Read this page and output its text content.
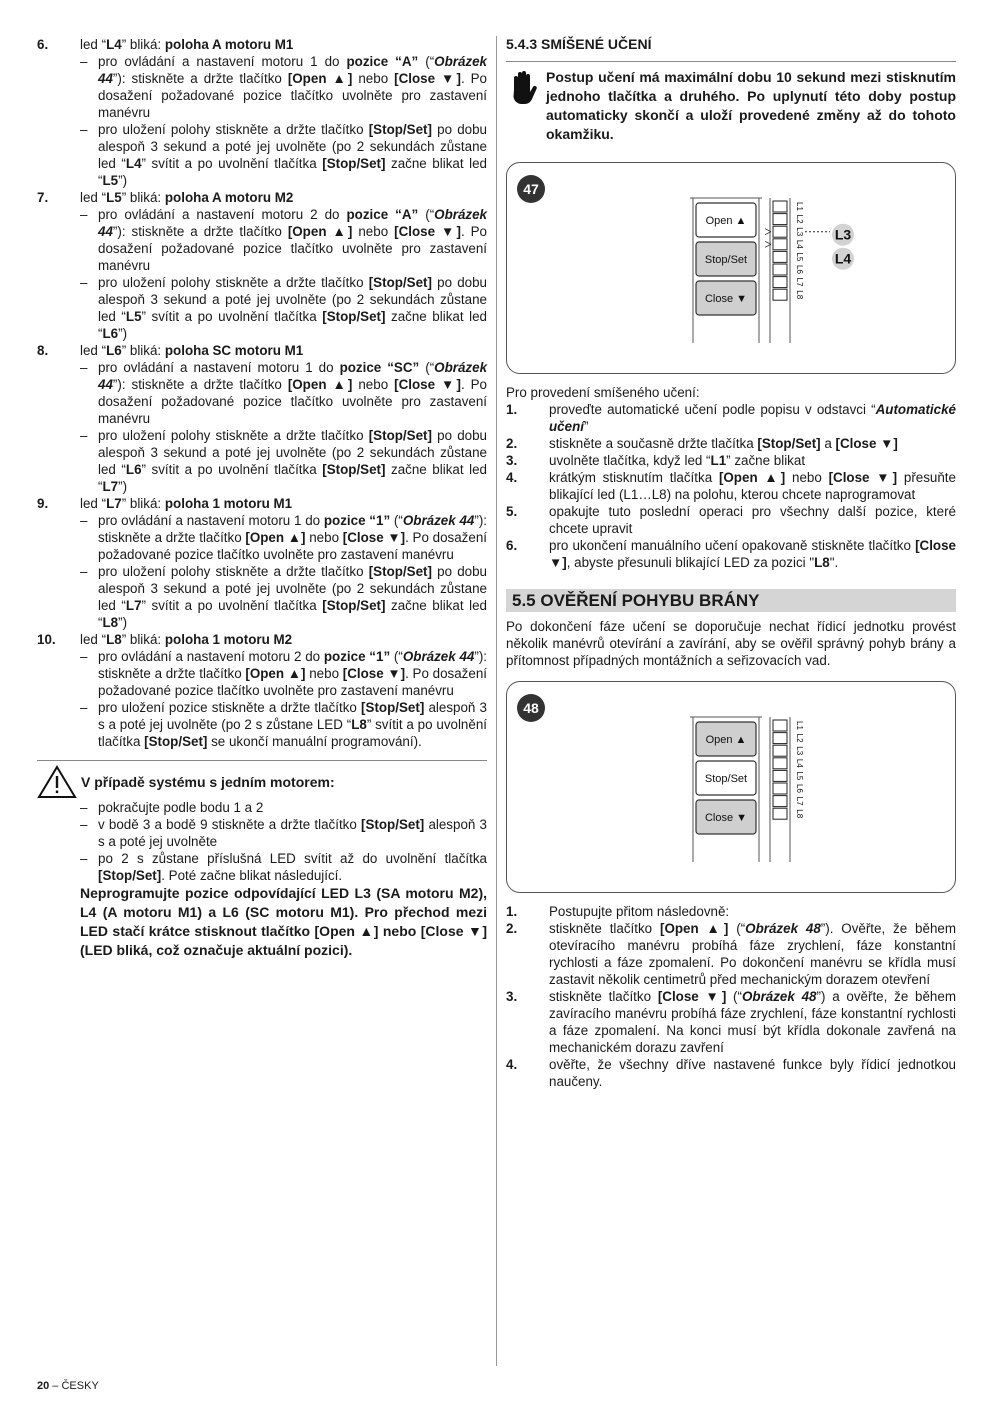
6.	led “L4” bliká: poloha A motoru M1
– pro ovládání a nastavení motoru 1 do pozice “A” (“Obrázek 44”): stiskněte a držte tlačítko [Open ▲] nebo [Close ▼]. Po dosažení požadované pozice tlačítko uvolněte pro zastavení manévru
– pro uložení polohy stiskněte a držte tlačítko [Stop/Set] po dobu alespoň 3 sekund a poté jej uvolněte (po 2 sekundách zůstane led “L4” svítit a po uvolnění tlačítka [Stop/Set] začne blikat led “L5”)
7.	led “L5” bliká: poloha A motoru M2
– pro ovládání a nastavení motoru 2 do pozice “A” (“Obrázek 44”): stiskněte a držte tlačítko [Open ▲] nebo [Close ▼]. Po dosažení požadované pozice tlačítko uvolněte pro zastavení manévru
– pro uložení polohy stiskněte a držte tlačítko [Stop/Set] po dobu alespoň 3 sekund a poté jej uvolněte (po 2 sekundách zůstane led “L5” svítit a po uvolnění tlačítka [Stop/Set] začne blikat led “L6”)
8.	led “L6” bliká: poloha SC motoru M1
– pro ovládání a nastavení motoru 1 do pozice “SC” (“Obrázek 44”): stiskněte a držte tlačítko [Open ▲] nebo [Close ▼]. Po dosažení požadované pozice tlačítko uvolněte pro zastavení manévru
– pro uložení polohy stiskněte a držte tlačítko [Stop/Set] po dobu alespoň 3 sekund a poté jej uvolněte (po 2 sekundách zůstane led “L6” svítit a po uvolnění tlačítka [Stop/Set] začne blikat led “L7”)
9.	led “L7” bliká: poloha 1 motoru M1
– pro ovládání a nastavení motoru 1 do pozice “1” (“Obrázek 44”): stiskněte a držte tlačítko [Open ▲] nebo [Close ▼]. Po dosažení požadované pozice tlačítko uvolněte pro zastavení manévru
– pro uložení polohy stiskněte a držte tlačítko [Stop/Set] po dobu alespoň 3 sekund a poté jej uvolněte (po 2 sekundách zůstane led “L7” svítit a po uvolnění tlačítka [Stop/Set] začne blikat led “L8”)
10.	led “L8” bliká: poloha 1 motoru M2
– pro ovládání a nastavení motoru 2 do pozice “1” (“Obrázek 44”): stiskněte a držte tlačítko [Open ▲] nebo [Close ▼]. Po dosažení požadované pozice tlačítko uvolněte pro zastavení manévru
– pro uložení pozice stiskněte a držte tlačítko [Stop/Set] alespoň 3 s a poté jej uvolněte (po 2 s zůstane LED “L8” svítit a po uvolnění tlačítka [Stop/Set] se ukončí manuální programování).
V případě systému s jedním motorem:
– pokračujte podle bodu 1 a 2
– v bodě 3 a bodě 9 stiskněte a držte tlačítko [Stop/Set] alespoň 3 s a poté jej uvolněte
– po 2 s zůstane příslušná LED svítit až do uvolnění tlačítka [Stop/Set]. Poté začne blikat následující.
Neprogramujte pozice odpovídající LED L3 (SA motoru M2), L4 (A motoru M1) a L6 (SC motoru M1). Pro přechod mezi LED stačí krátce stisknout tlačítko [Open ▲] nebo [Close ▼] (LED bliká, což označuje aktuální pozici).
5.4.3 SMÍŠENÉ UČENÍ
Postup učení má maximální dobu 10 sekund mezi stisknutím jednoho tlačítka a druhého. Po uplynutí této doby postup automaticky skončí a uloží provedené změny až do tohoto okamžiku.
47
Open ▲
Stop/Set
Close ▼
L1
L2
L3
L4
L5
L6
L7
L8
L3
L4
Pro provedení smíšeného učení:
1.	proveďte automatické učení podle popisu v odstavci “Automatické učení”
2.	stiskněte a současně držte tlačítka [Stop/Set] a [Close ▼]
3.	uvolněte tlačítka, když led “L1” začne blikat
4.	krátkým stisknutím tlačítka [Open ▲] nebo [Close ▼] přesuňte blikající led (L1…L8) na polohu, kterou chcete naprogramovat
5.	opakujte tuto poslední operaci pro všechny další pozice, které chcete upravit
6.	pro ukončení manuálního učení opakovaně stiskněte tlačítko [Close ▼], abyste přesunuli blikající LED za pozici "L8".
5.5 OVĚŘENÍ POHYBU BRÁNY
Po dokončení fáze učení se doporučuje nechat řídicí jednotku provést několik manévrů otevírání a zavírání, aby se ověřil správný pohyb brány a přítomnost případných montážních a seřizovacích vad.
48
Open ▲
Stop/Set
Close ▼
L1
L2
L3
L4
L5
L6
L7
L8
1.	Postupujte přitom následovně:
2.	stiskněte tlačítko [Open ▲] (“Obrázek 48”). Ověřte, že během otevíracího manévru probíhá fáze zrychlení, fáze konstantní rychlosti a fáze zpomalení. Po dokončení manévru se křídla musí zastavit několik centimetrů před mechanickým dorazem otevření
3.	stiskněte tlačítko [Close ▼] (“Obrázek 48”) a ověřte, že během zavíracího manévru probíhá fáze zrychlení, fáze konstantní rychlosti a fáze zpomalení. Na konci musí být křídla dokonale zavřená na mechanickém dorazu zavření
4.	ověřte, že všechny dříve nastavené funkce byly řídicí jednotkou naučeny.
20 – ČESKY
